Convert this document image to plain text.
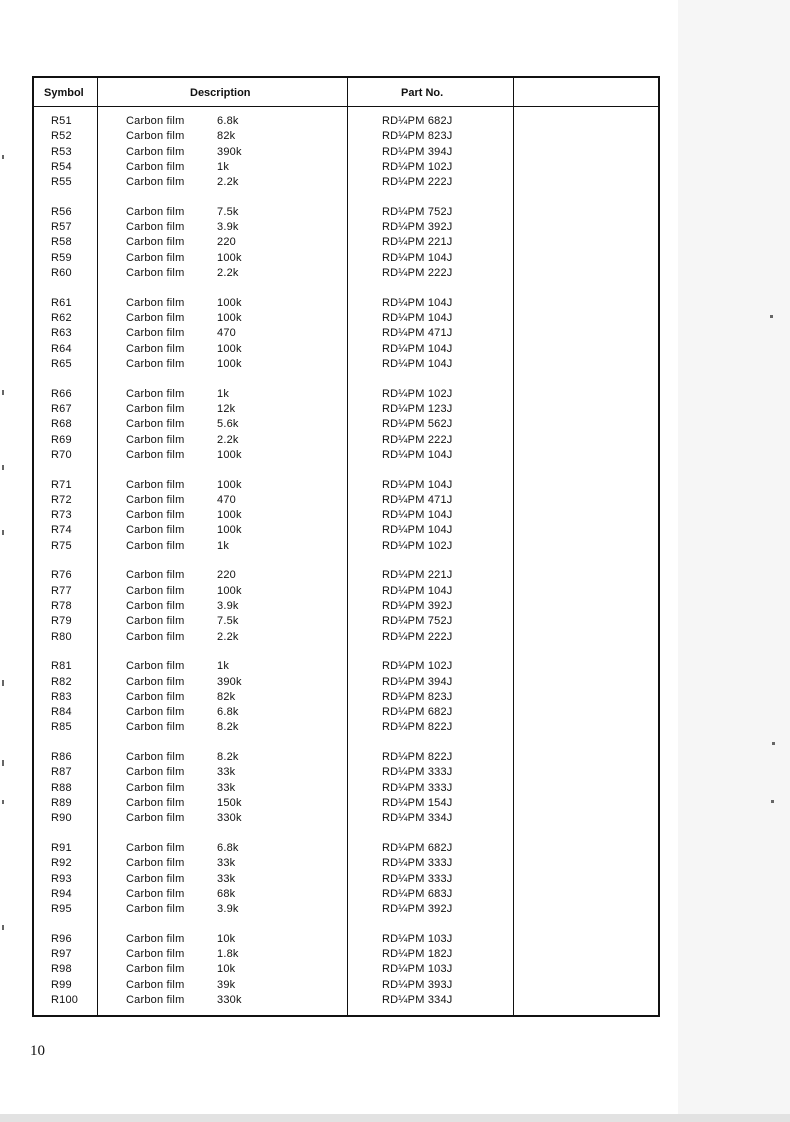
Symbol	Description	Part No.
R51	Carbon film	6.8k	RD¼PM 682J
R52	Carbon film	82k	RD¼PM 823J
R53	Carbon film	390k	RD¼PM 394J
R54	Carbon film	1k	RD¼PM 102J
R55	Carbon film	2.2k	RD¼PM 222J
R56	Carbon film	7.5k	RD¼PM 752J
R57	Carbon film	3.9k	RD¼PM 392J
R58	Carbon film	220	RD¼PM 221J
R59	Carbon film	100k	RD¼PM 104J
R60	Carbon film	2.2k	RD¼PM 222J
R61	Carbon film	100k	RD¼PM 104J
R62	Carbon film	100k	RD¼PM 104J
R63	Carbon film	470	RD¼PM 471J
R64	Carbon film	100k	RD¼PM 104J
R65	Carbon film	100k	RD¼PM 104J
R66	Carbon film	1k	RD¼PM 102J
R67	Carbon film	12k	RD¼PM 123J
R68	Carbon film	5.6k	RD¼PM 562J
R69	Carbon film	2.2k	RD¼PM 222J
R70	Carbon film	100k	RD¼PM 104J
R71	Carbon film	100k	RD¼PM 104J
R72	Carbon film	470	RD¼PM 471J
R73	Carbon film	100k	RD¼PM 104J
R74	Carbon film	100k	RD¼PM 104J
R75	Carbon film	1k	RD¼PM 102J
R76	Carbon film	220	RD¼PM 221J
R77	Carbon film	100k	RD¼PM 104J
R78	Carbon film	3.9k	RD¼PM 392J
R79	Carbon film	7.5k	RD¼PM 752J
R80	Carbon film	2.2k	RD¼PM 222J
R81	Carbon film	1k	RD¼PM 102J
R82	Carbon film	390k	RD¼PM 394J
R83	Carbon film	82k	RD¼PM 823J
R84	Carbon film	6.8k	RD¼PM 682J
R85	Carbon film	8.2k	RD¼PM 822J
R86	Carbon film	8.2k	RD¼PM 822J
R87	Carbon film	33k	RD¼PM 333J
R88	Carbon film	33k	RD¼PM 333J
R89	Carbon film	150k	RD¼PM 154J
R90	Carbon film	330k	RD¼PM 334J
R91	Carbon film	6.8k	RD¼PM 682J
R92	Carbon film	33k	RD¼PM 333J
R93	Carbon film	33k	RD¼PM 333J
R94	Carbon film	68k	RD¼PM 683J
R95	Carbon film	3.9k	RD¼PM 392J
R96	Carbon film	10k	RD¼PM 103J
R97	Carbon film	1.8k	RD¼PM 182J
R98	Carbon film	10k	RD¼PM 103J
R99	Carbon film	39k	RD¼PM 393J
R100	Carbon film	330k	RD¼PM 334J
10
